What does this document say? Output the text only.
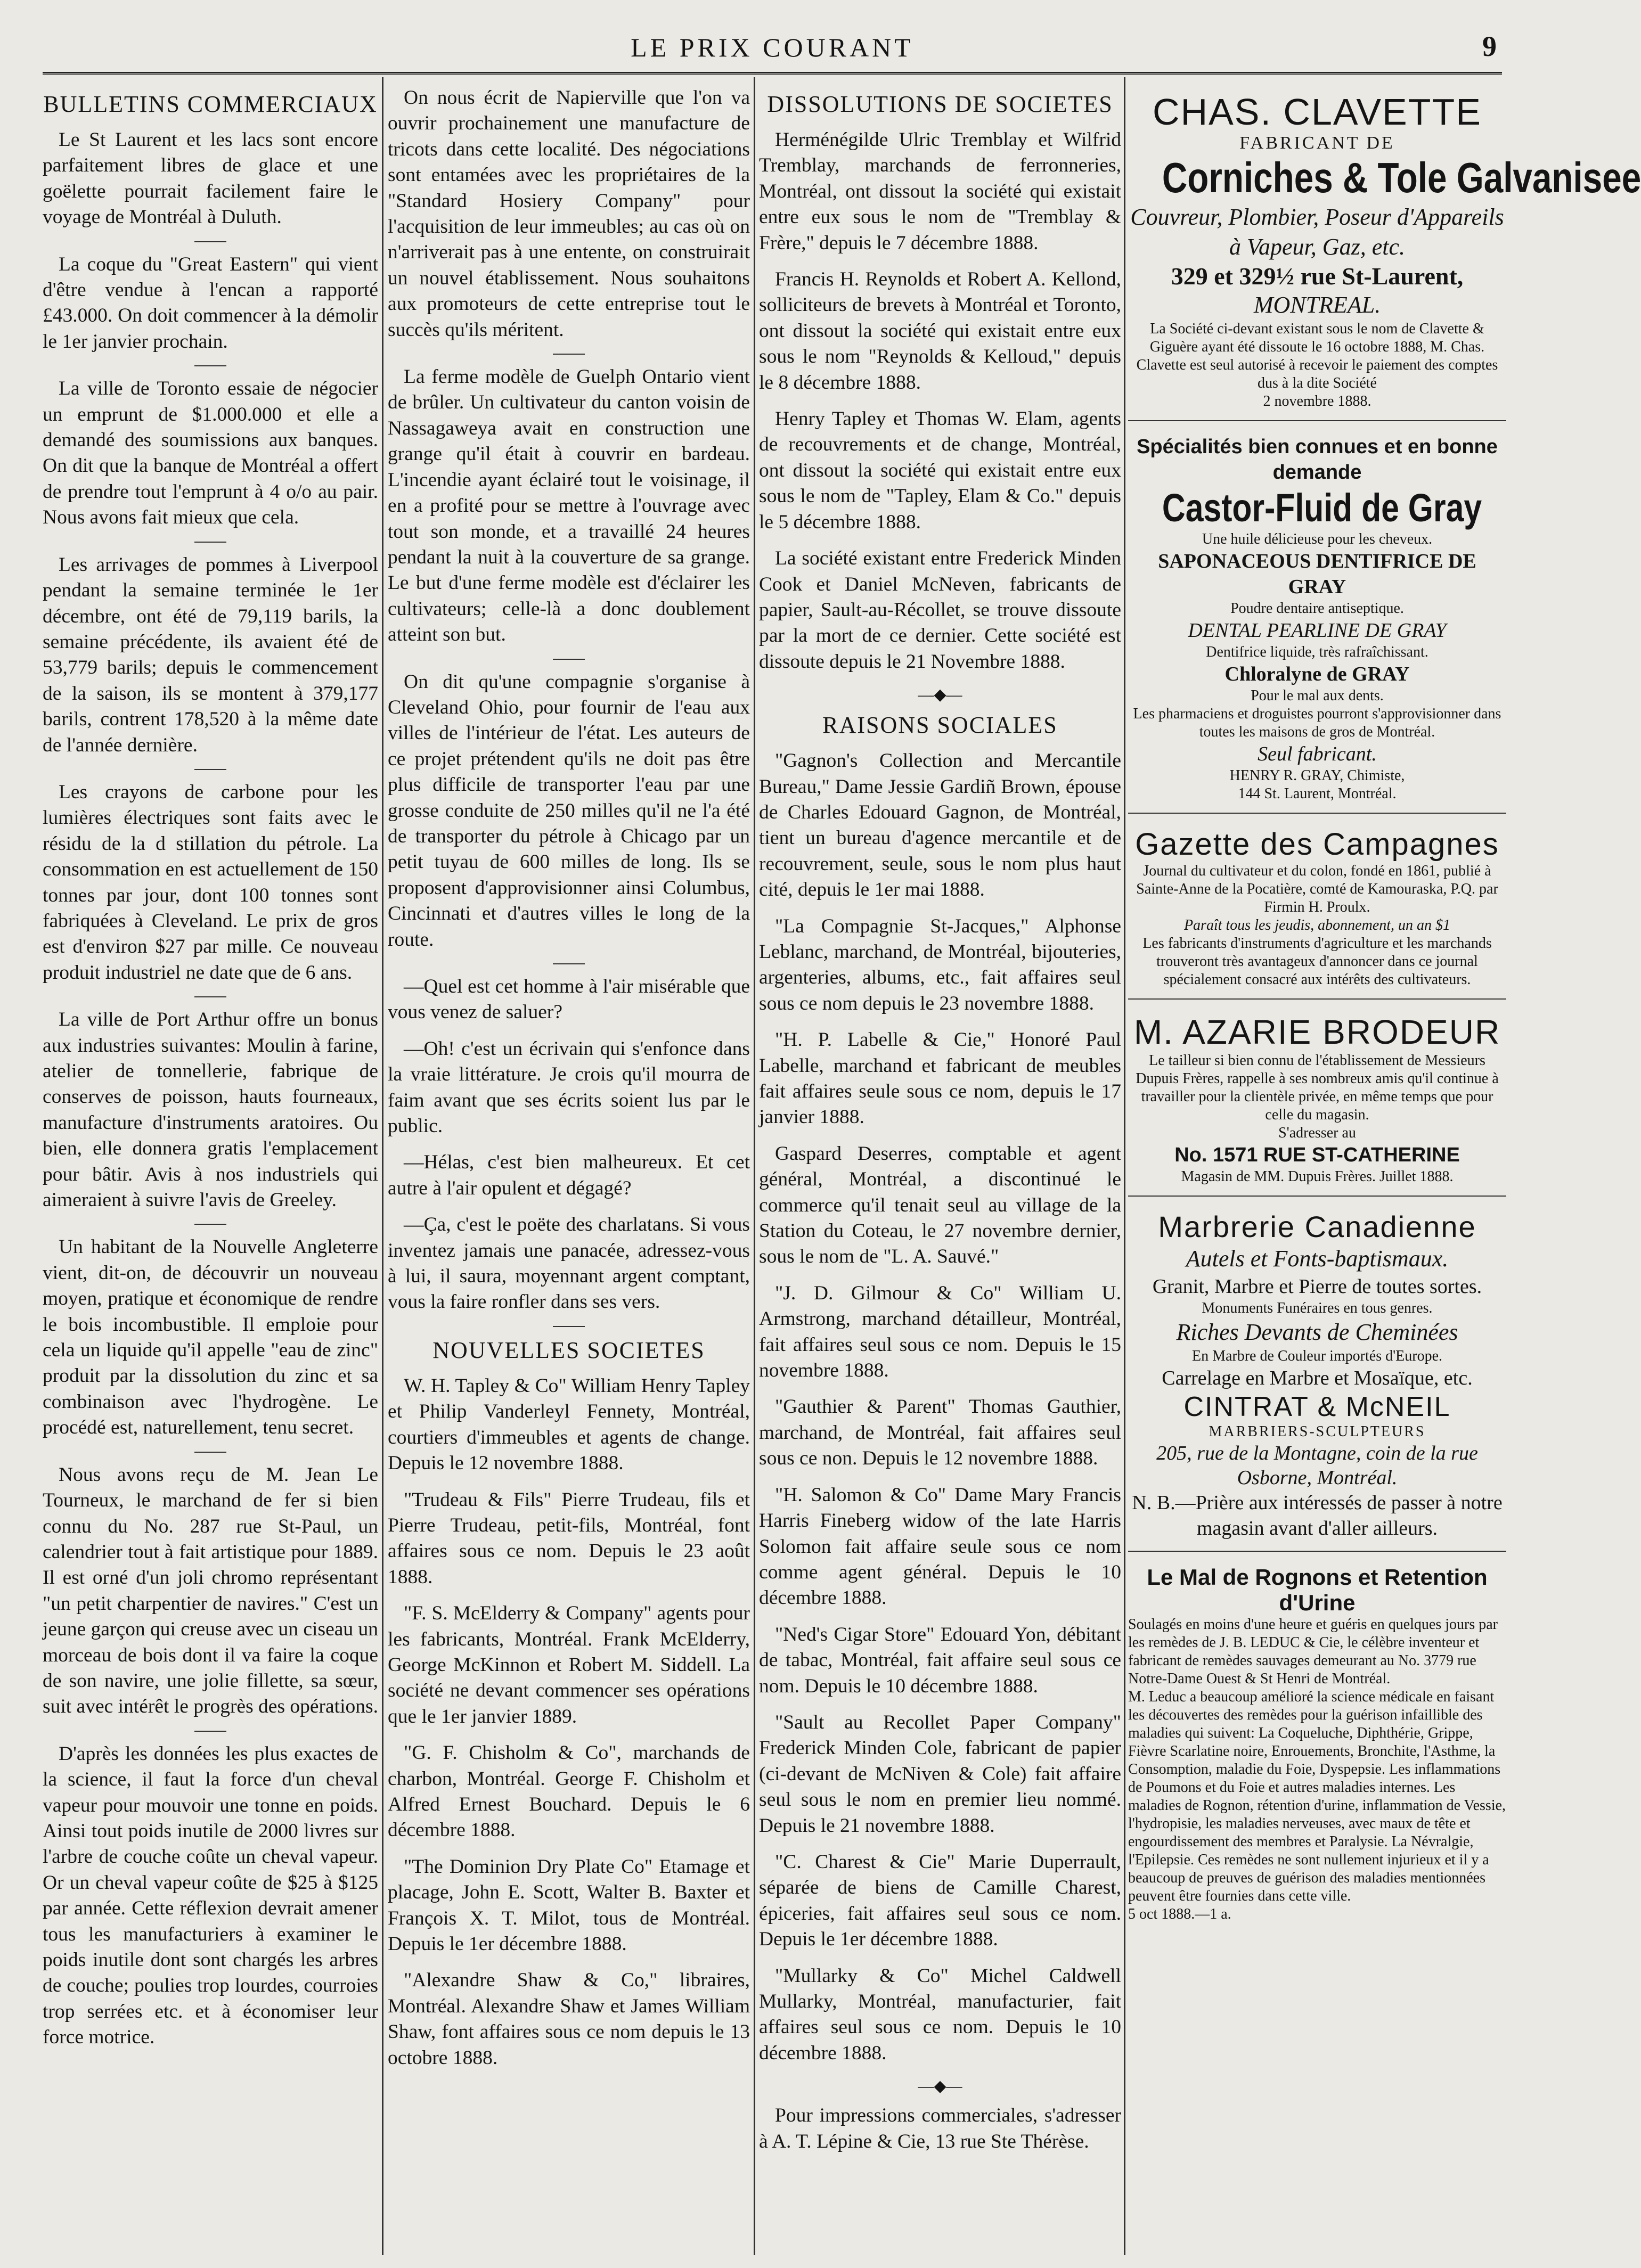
LE PRIX COURANT	9
BULLETINS COMMERCIAUX

Le St Laurent et les lacs sont encore parfaitement libres de glace et une goëlette pourrait facilement faire le voyage de Montréal à Duluth.

La coque du "Great Eastern" qui vient d'être vendue à l'encan a rapporté £43.000. On doit commencer à la démolir le 1er janvier prochain.

La ville de Toronto essaie de négocier un emprunt de $1.000.000 et elle a demandé des soumissions aux banques. On dit que la banque de Montréal a offert de prendre tout l'emprunt à 4 o/o au pair. Nous avons fait mieux que cela.

Les arrivages de pommes à Liverpool pendant la semaine terminée le 1er décembre, ont été de 79,119 barils, la semaine précédente, ils avaient été de 53,779 barils; depuis le commencement de la saison, ils se montent à 379,177 barils, contrent 178,520 à la même date de l'année dernière.

Les crayons de carbone pour les lumières électriques sont faits avec le résidu de la d stillation du pétrole. La consommation en est actuellement de 150 tonnes par jour, dont 100 tonnes sont fabriquées à Cleveland. Le prix de gros est d'environ $27 par mille. Ce nouveau produit industriel ne date que de 6 ans.

La ville de Port Arthur offre un bonus aux industries suivantes: Moulin à farine, atelier de tonnellerie, fabrique de conserves de poisson, hauts fourneaux, manufacture d'instruments aratoires. Ou bien, elle donnera gratis l'emplacement pour bâtir. Avis à nos industriels qui aimeraient à suivre l'avis de Greeley.

Un habitant de la Nouvelle Angleterre vient, dit-on, de découvrir un nouveau moyen, pratique et économique de rendre le bois incombustible. Il emploie pour cela un liquide qu'il appelle "eau de zinc" produit par la dissolution du zinc et sa combinaison avec l'hydrogène. Le procédé est, naturellement, tenu secret.

Nous avons reçu de M. Jean Le Tourneux, le marchand de fer si bien connu du No. 287 rue St-Paul, un calendrier tout à fait artistique pour 1889. Il est orné d'un joli chromo représentant "un petit charpentier de navires." C'est un jeune garçon qui creuse avec un ciseau un morceau de bois dont il va faire la coque de son navire, une jolie fillette, sa sœur, suit avec intérêt le progrès des opérations.

D'après les données les plus exactes de la science, il faut la force d'un cheval vapeur pour mouvoir une tonne en poids. Ainsi tout poids inutile de 2000 livres sur l'arbre de couche coûte un cheval vapeur. Or un cheval vapeur coûte de $25 à $125 par année. Cette réflexion devrait amener tous les manufacturiers à examiner le poids inutile dont sont chargés les arbres de couche; poulies trop lourdes, courroies trop serrées etc. et à économiser leur force motrice.

On nous écrit de Napierville que l'on va ouvrir prochainement une manufacture de tricots dans cette localité. Des négociations sont entamées avec les propriétaires de la "Standard Hosiery Company" pour l'acquisition de leur immeubles; au cas où on n'arriverait pas à une entente, on construirait un nouvel établissement. Nous souhaitons aux promoteurs de cette entreprise tout le succès qu'ils méritent.

La ferme modèle de Guelph Ontario vient de brûler. Un cultivateur du canton voisin de Nassagaweya avait en construction une grange qu'il était à couvrir en bardeau. L'incendie ayant éclairé tout le voisinage, il en a profité pour se mettre à l'ouvrage avec tout son monde, et a travaillé 24 heures pendant la nuit à la couverture de sa grange. Le but d'une ferme modèle est d'éclairer les cultivateurs; celle-là a donc doublement atteint son but.

On dit qu'une compagnie s'organise à Cleveland Ohio, pour fournir de l'eau aux villes de l'intérieur de l'état. Les auteurs de ce projet prétendent qu'ils ne doit pas être plus difficile de transporter l'eau par une grosse conduite de 250 milles qu'il ne l'a été de transporter du pétrole à Chicago par un petit tuyau de 600 milles de long. Ils se proposent d'approvisionner ainsi Columbus, Cincinnati et d'autres villes le long de la route.

—Quel est cet homme à l'air misérable que vous venez de saluer?

—Oh! c'est un écrivain qui s'enfonce dans la vraie littérature. Je crois qu'il mourra de faim avant que ses écrits soient lus par le public.

—Hélas, c'est bien malheureux. Et cet autre à l'air opulent et dégagé?

—Ça, c'est le poëte des charlatans. Si vous inventez jamais une panacée, adressez-vous à lui, il saura, moyennant argent comptant, vous la faire ronfler dans ses vers.

NOUVELLES SOCIETES

W. H. Tapley & Co" William Henry Tapley et Philip Vanderleyl Fennety, Montréal, courtiers d'immeubles et agents de change. Depuis le 12 novembre 1888.

"Trudeau & Fils" Pierre Trudeau, fils et Pierre Trudeau, petit-fils, Montréal, font affaires sous ce nom. Depuis le 23 août 1888.

"F. S. McElderry & Company" agents pour les fabricants, Montréal. Frank McElderry, George McKinnon et Robert M. Siddell. La société ne devant commencer ses opérations que le 1er janvier 1889.

"G. F. Chisholm & Co", marchands de charbon, Montréal. George F. Chisholm et Alfred Ernest Bouchard. Depuis le 6 décembre 1888.

"The Dominion Dry Plate Co" Etamage et placage, John E. Scott, Walter B. Baxter et François X. T. Milot, tous de Montréal. Depuis le 1er décembre 1888.

"Alexandre Shaw & Co," libraires, Montréal. Alexandre Shaw et James William Shaw, font affaires sous ce nom depuis le 13 octobre 1888.

DISSOLUTIONS DE SOCIETES

Herménégilde Ulric Tremblay et Wilfrid Tremblay, marchands de ferronneries, Montréal, ont dissout la société qui existait entre eux sous le nom de "Tremblay & Frère," depuis le 7 décembre 1888.

Francis H. Reynolds et Robert A. Kellond, solliciteurs de brevets à Montréal et Toronto, ont dissout la société qui existait entre eux sous le nom "Reynolds & Kelloud," depuis le 8 décembre 1888.

Henry Tapley et Thomas W. Elam, agents de recouvrements et de change, Montréal, ont dissout la société qui existait entre eux sous le nom de "Tapley, Elam & Co." depuis le 5 décembre 1888.

La société existant entre Frederick Minden Cook et Daniel McNeven, fabricants de papier, Sault-au-Récollet, se trouve dissoute par la mort de ce dernier. Cette société est dissoute depuis le 21 Novembre 1888.

—◆—
RAISONS SOCIALES

"Gagnon's Collection and Mercantile Bureau," Dame Jessie Gardiñ Brown, épouse de Charles Edouard Gagnon, de Montréal, tient un bureau d'agence mercantile et de recouvrement, seule, sous le nom plus haut cité, depuis le 1er mai 1888.

"La Compagnie St-Jacques," Alphonse Leblanc, marchand, de Montréal, bijouteries, argenteries, albums, etc., fait affaires seul sous ce nom depuis le 23 novembre 1888.

"H. P. Labelle & Cie," Honoré Paul Labelle, marchand et fabricant de meubles fait affaires seule sous ce nom, depuis le 17 janvier 1888.

Gaspard Deserres, comptable et agent général, Montréal, a discontinué le commerce qu'il tenait seul au village de la Station du Coteau, le 27 novembre dernier, sous le nom de "L. A. Sauvé."

"J. D. Gilmour & Co" William U. Armstrong, marchand détailleur, Montréal, fait affaires seul sous ce nom. Depuis le 15 novembre 1888.

"Gauthier & Parent" Thomas Gauthier, marchand, de Montréal, fait affaires seul sous ce non. Depuis le 12 novembre 1888.

"H. Salomon & Co" Dame Mary Francis Harris Fineberg widow of the late Harris Solomon fait affaire seule sous ce nom comme agent général. Depuis le 10 décembre 1888.

"Ned's Cigar Store" Edouard Yon, débitant de tabac, Montréal, fait affaire seul sous ce nom. Depuis le 10 décembre 1888.

"Sault au Recollet Paper Company" Frederick Minden Cole, fabricant de papier (ci-devant de McNiven & Cole) fait affaire seul sous le nom en premier lieu nommé. Depuis le 21 novembre 1888.

"C. Charest & Cie" Marie Duperrault, séparée de biens de Camille Charest, épiceries, fait affaires seul sous ce nom. Depuis le 1er décembre 1888.

"Mullarky & Co" Michel Caldwell Mullarky, Montréal, manufacturier, fait affaires seul sous ce nom. Depuis le 10 décembre 1888.

—◆—

Pour impressions commerciales, s'adresser à A. T. Lépine & Cie, 13 rue Ste Thérèse.

CHAS. CLAVETTE
FABRICANT DE
Corniches & Tole Galvanisee
Couvreur, Plombier, Poseur d'Appareils à Vapeur, Gaz, etc.
329 et 329½ rue St-Laurent,
MONTREAL.
La Société ci-devant existant sous le nom de Clavette & Giguère ayant été dissoute le 16 octobre 1888, M. Chas. Clavette est seul autorisé à recevoir le paiement des comptes dus à la dite Société
2 novembre 1888.
Spécialités bien connues et en bonne demande
Castor-Fluid de Gray
Une huile délicieuse pour les cheveux.
SAPONACEOUS DENTIFRICE DE GRAY
Poudre dentaire antiseptique.
DENTAL PEARLINE DE GRAY
Dentifrice liquide, très rafraîchissant.
Chloralyne de GRAY
Pour le mal aux dents.
Les pharmaciens et droguistes pourront s'approvisionner dans toutes les maisons de gros de Montréal.
Seul fabricant.
HENRY R. GRAY, Chimiste,
144 St. Laurent, Montréal.
Gazette des Campagnes
Journal du cultivateur et du colon, fondé en 1861, publié à Sainte-Anne de la Pocatière, comté de Kamouraska, P.Q. par Firmin H. Proulx.
Paraît tous les jeudis, abonnement, un an $1
Les fabricants d'instruments d'agriculture et les marchands trouveront très avantageux d'annoncer dans ce journal spécialement consacré aux intérêts des cultivateurs.
M. AZARIE BRODEUR
Le tailleur si bien connu de l'établissement de Messieurs Dupuis Frères, rappelle à ses nombreux amis qu'il continue à travailler pour la clientèle privée, en même temps que pour celle du magasin.
S'adresser au
No. 1571 RUE ST-CATHERINE
Magasin de MM. Dupuis Frères. Juillet 1888.
Marbrerie Canadienne
Autels et Fonts-baptismaux.
Granit, Marbre et Pierre de toutes sortes.
Monuments Funéraires en tous genres.
Riches Devants de Cheminées
En Marbre de Couleur importés d'Europe.
Carrelage en Marbre et Mosaïque, etc.
CINTRAT & McNEIL
MARBRIERS-SCULPTEURS
205, rue de la Montagne, coin de la rue Osborne, Montréal.
N. B.—Prière aux intéressés de passer à notre magasin avant d'aller ailleurs.
Le Mal de Rognons et Retention d'Urine
Soulagés en moins d'une heure et guéris en quelques jours par les remèdes de J. B. LEDUC & Cie, le célèbre inventeur et fabricant de remèdes sauvages demeurant au No. 3779 rue Notre-Dame Ouest & St Henri de Montréal.
M. Leduc a beaucoup amélioré la science médicale en faisant les découvertes des remèdes pour la guérison infaillible des maladies qui suivent: La Coqueluche, Diphthérie, Grippe, Fièvre Scarlatine noire, Enrouements, Bronchite, l'Asthme, la Consomption, maladie du Foie, Dyspepsie. Les inflammations de Poumons et du Foie et autres maladies internes. Les maladies de Rognon, rétention d'urine, inflammation de Vessie, l'hydropisie, les maladies nerveuses, avec maux de tête et engourdissement des membres et Paralysie. La Névralgie, l'Epilepsie. Ces remèdes ne sont nullement injurieux et il y a beaucoup de preuves de guérison des maladies mentionnées peuvent être fournies dans cette ville.
5 oct 1888.—1 a.
